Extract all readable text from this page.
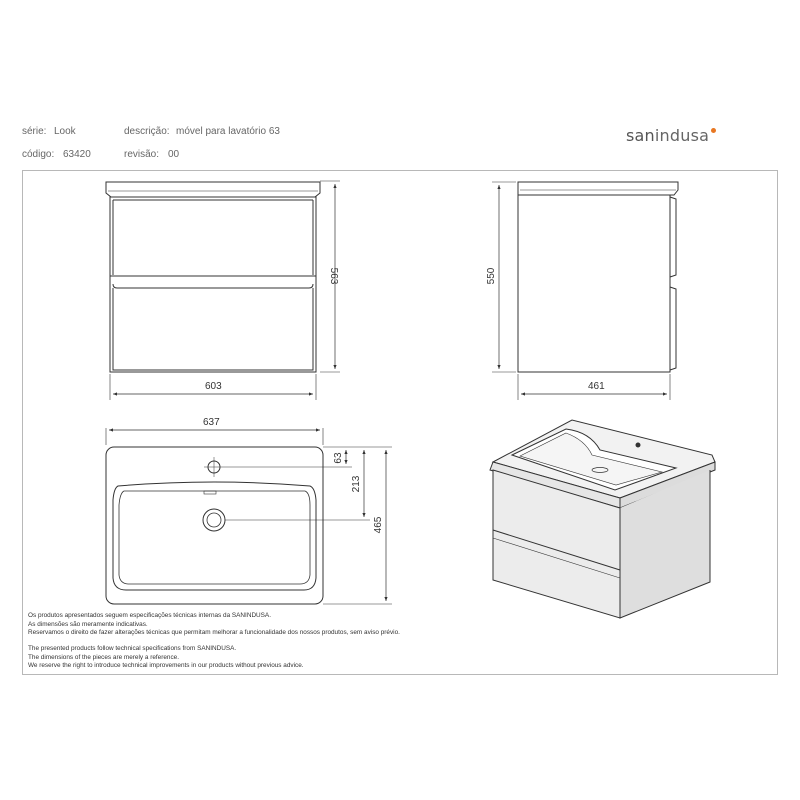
série: Look	descrição: móvel para lavatório 63
código: 63420	revisão: 00
sanindusa
603
563	550
461
637
63
213
465
Os produtos apresentados seguem especificações técnicas internas da SANINDUSA.
As dimensões são meramente indicativas.
Reservamos o direito de fazer alterações técnicas que permitam melhorar a funcionalidade dos nossos produtos, sem aviso prévio.
The presented products follow technical specifications from SANINDUSA.
The dimensions of the pieces are merely a reference.
We reserve the right to introduce technical improvements in our products without previous advice.
